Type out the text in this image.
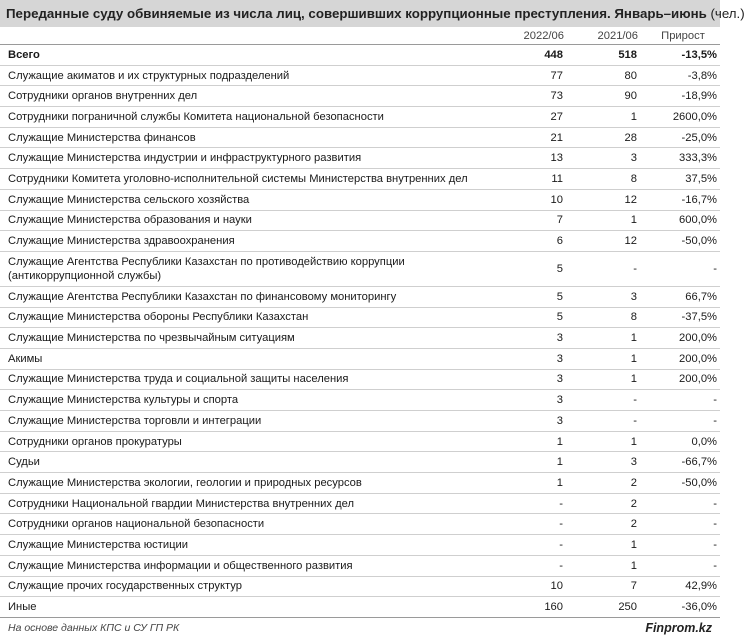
Переданные суду обвиняемые из числа лиц, совершивших коррупционные преступления. Январь–июнь (чел.)
	2022/06	2021/06	Прирост
Всего	448	518	-13,5%
Служащие акиматов и их структурных подразделений	77	80	-3,8%
Сотрудники органов внутренних дел	73	90	-18,9%
Сотрудники пограничной службы Комитета национальной безопасности	27	1	2600,0%
Служащие Министерства финансов	21	28	-25,0%
Служащие Министерства индустрии и инфраструктурного развития	13	3	333,3%
Сотрудники Комитета уголовно-исполнительной системы Министерства внутренних дел	11	8	37,5%
Служащие Министерства сельского хозяйства	10	12	-16,7%
Служащие Министерства образования и науки	7	1	600,0%
Служащие Министерства здравоохранения	6	12	-50,0%
Служащие Агентства Республики Казахстан по противодействию коррупции (антикоррупционной службы)	5	-	-
Служащие Агентства Республики Казахстан по финансовому мониторингу	5	3	66,7%
Служащие Министерства обороны Республики Казахстан	5	8	-37,5%
Служащие Министерства по чрезвычайным ситуациям	3	1	200,0%
Акимы	3	1	200,0%
Служащие Министерства труда и социальной защиты населения	3	1	200,0%
Служащие Министерства культуры и спорта	3	-	-
Служащие Министерства торговли и интеграции	3	-	-
Сотрудники органов прокуратуры	1	1	0,0%
Судьи	1	3	-66,7%
Служащие Министерства экологии, геологии и природных ресурсов	1	2	-50,0%
Сотрудники Национальной гвардии Министерства внутренних дел	-	2	-
Сотрудники органов национальной безопасности	-	2	-
Служащие Министерства юстиции	-	1	-
Служащие Министерства информации и общественного развития	-	1	-
Служащие прочих государственных структур	10	7	42,9%
Иные	160	250	-36,0%
На основе данных КПС и СУ ГП РК	Finprom.kz
